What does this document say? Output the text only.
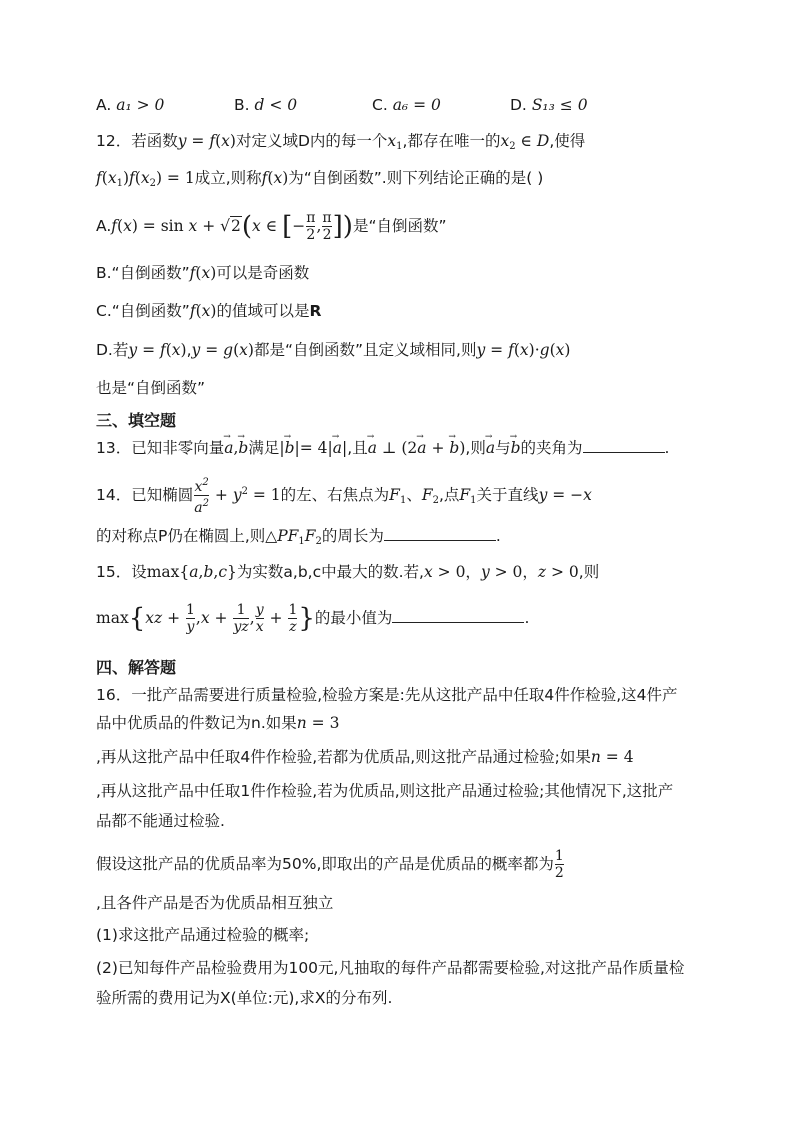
A. a₁ > 0	B. d < 0	C. a₆ = 0	D. S₁₃ ≤ 0
12．若函数y = f(x)对定义域D内的每一个$x_1$,都存在唯一的$x_2$ ∈ D,使得
$f(x_1)f(x_2) = 1$成立,则称f(x)为“自倒函数”.则下列结论正确的是( )
A.f(x) = sin x + √2(x ∈ [− $\frac{\pi}{2}$ , $\frac{\pi}{2}$ ])是“自倒函数”
B.“自倒函数”f(x)可以是奇函数
C.“自倒函数”f(x)的值域可以是R
D.若y = f(x),y = g(x)都是“自倒函数”且定义域相同,则y = f(x)·g(x)
也是“自倒函数”
三、填空题
13．已知非零向量→ a,→ b满足|→ b|= 4|→ a|,且→ a ⊥ (2→ a + → b),则→ a与→ b的夹角为	.
14．已知椭圆 $\frac{x^2}{a^2} + y^2 = 1$的左、右焦点为$F_1$、$F_2$,点$F_1$关于直线y = −x
的对称点P仍在椭圆上,则$\triangle PF_1F_2$的周长为	.
15．设max{a,b,c}为实数a,b,c中最大的数.若,x > 0，y > 0，z > 0,则
$\max\{xz + \frac{1}{y} ,x + \frac{1}{yz}$ , $\frac{y}{x} + \frac{1}{z}$ }的最小值为	.
四、解答题
16．一批产品需要进行质量检验,检验方案是:先从这批产品中任取4件作检验,这4件产
品中优质品的件数记为n.如果n = 3
,再从这批产品中任取4件作检验,若都为优质品,则这批产品通过检验;如果n = 4
,再从这批产品中任取1件作检验,若为优质品,则这批产品通过检验;其他情况下,这批产
品都不能通过检验.
假设这批产品的优质品率为50%,即取出的产品是优质品的概率都为 $\frac{1}{2}$
,且各件产品是否为优质品相互独立
(1)求这批产品通过检验的概率;
(2)已知每件产品检验费用为100元,凡抽取的每件产品都需要检验,对这批产品作质量检
验所需的费用记为X(单位:元),求X的分布列.
